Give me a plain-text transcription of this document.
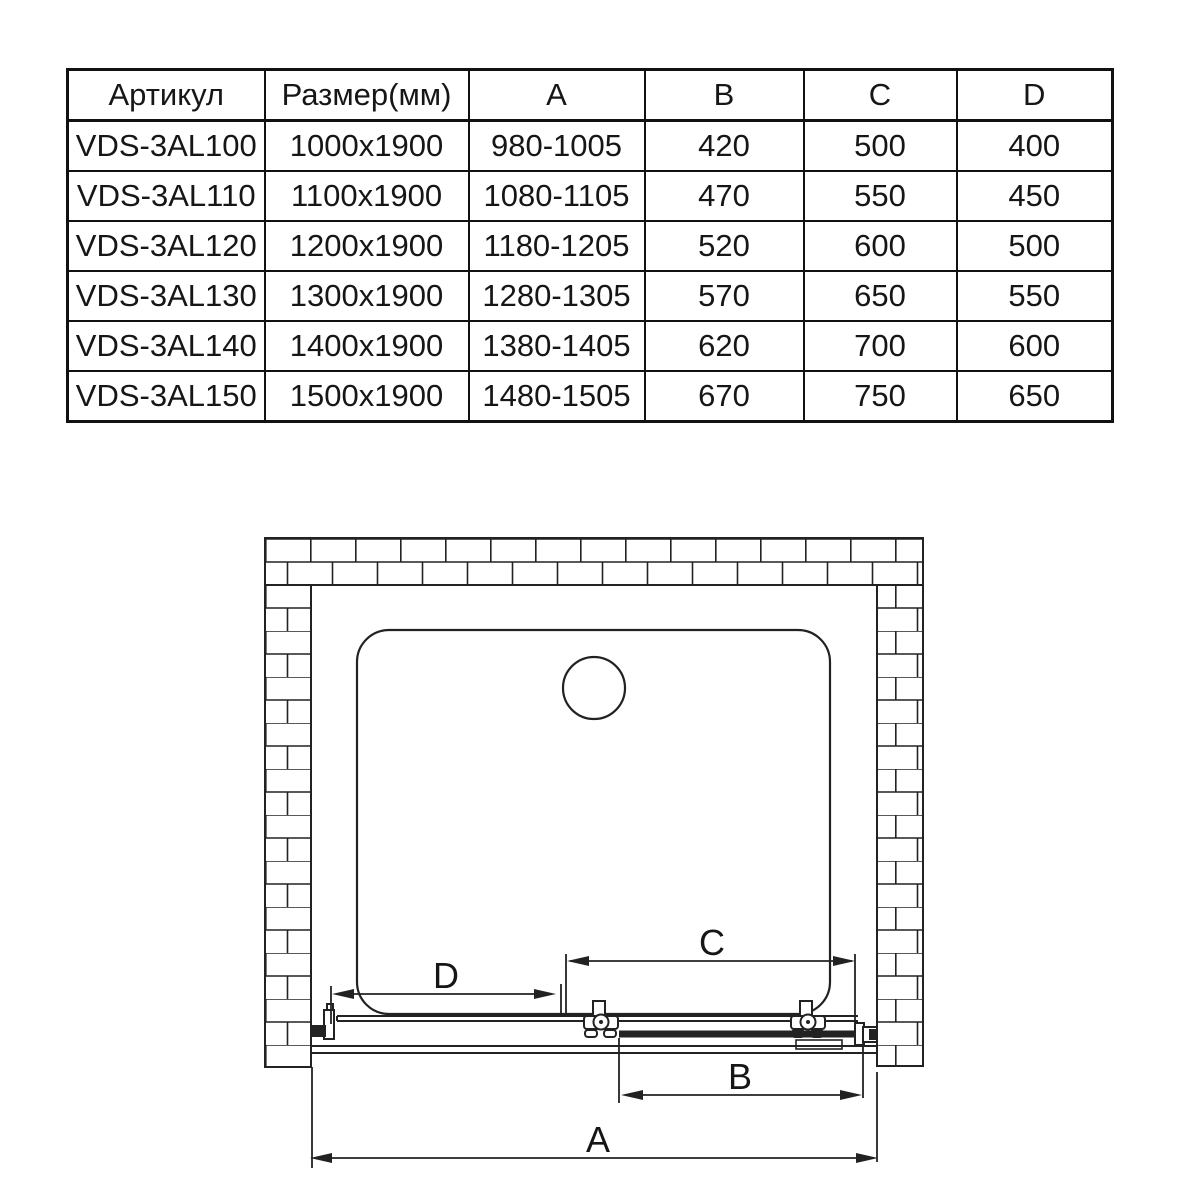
Артикул	Размер(мм)	A	B	C	D
VDS-3AL100	1000x1900	980-1005	420	500	400
VDS-3AL110	1100x1900	1080-1105	470	550	450
VDS-3AL120	1200x1900	1180-1205	520	600	500
VDS-3AL130	1300x1900	1280-1305	570	650	550
VDS-3AL140	1400x1900	1380-1405	620	700	600
VDS-3AL150	1500x1900	1480-1505	670	750	650
D
C
B
A
